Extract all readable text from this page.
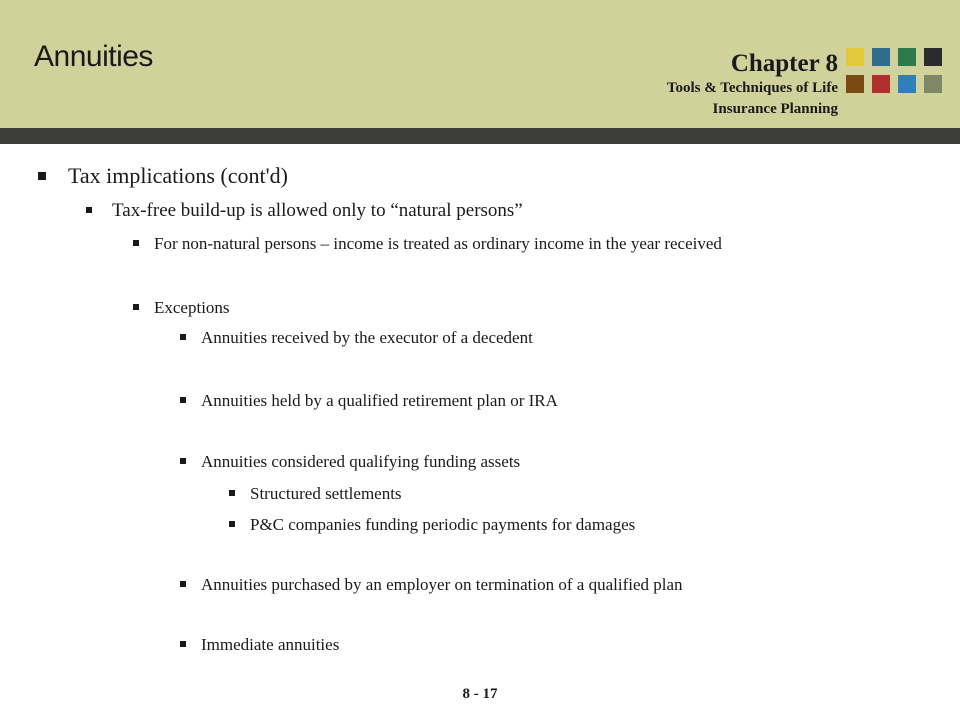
Annuities	Chapter 8
Tools & Techniques of Life
Insurance Planning
Tax implications (cont'd)
Tax-free build-up is allowed only to “natural persons”
For non-natural persons – income is treated as ordinary income in the year received
Exceptions
Annuities received by the executor of a decedent
Annuities held by a qualified retirement plan or IRA
Annuities considered qualifying funding assets
Structured settlements
P&C companies funding periodic payments for damages
Annuities purchased by an employer on termination of a qualified plan
Immediate annuities
8 - 17
